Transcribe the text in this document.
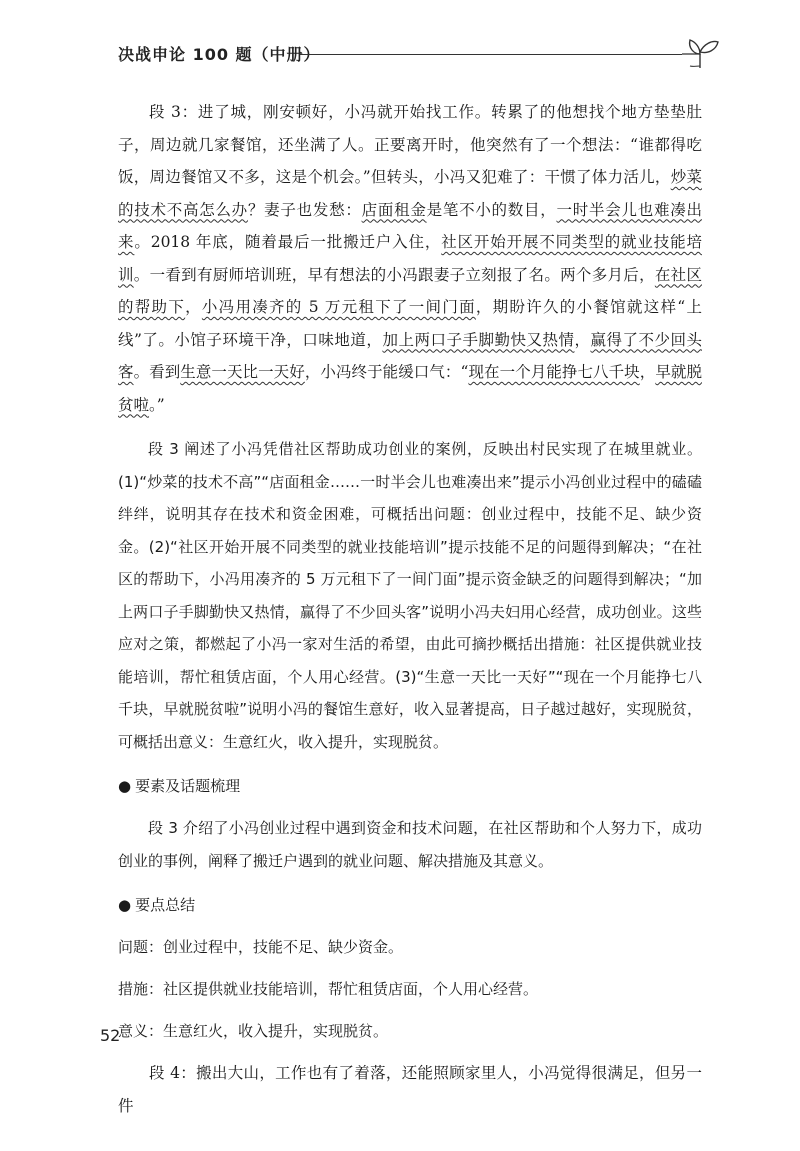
决战申论 100 题（中册）

段 3：进了城，刚安顿好，小冯就开始找工作。转累了的他想找个地方垫垫肚子，周边就几家餐馆，还坐满了人。正要离开时，他突然有了一个想法：“谁都得吃饭，周边餐馆又不多，这是个机会。”但转头，小冯又犯难了：干惯了体力活儿，炒菜的技术不高怎么办？妻子也发愁：店面租金是笔不小的数目，一时半会儿也难凑出来。2018 年底，随着最后一批搬迁户入住，社区开始开展不同类型的就业技能培训。一看到有厨师培训班，早有想法的小冯跟妻子立刻报了名。两个多月后，在社区的帮助下，小冯用凑齐的 5 万元租下了一间门面，期盼许久的小餐馆就这样“上线”了。小馆子环境干净，口味地道，加上两口子手脚勤快又热情，赢得了不少回头客。看到生意一天比一天好，小冯终于能缓口气：“现在一个月能挣七八千块，早就脱贫啦。”

段 3 阐述了小冯凭借社区帮助成功创业的案例，反映出村民实现了在城里就业。(1)“炒菜的技术不高”“店面租金……一时半会儿也难凑出来”提示小冯创业过程中的磕磕绊绊，说明其存在技术和资金困难，可概括出问题：创业过程中，技能不足、缺少资金。(2)“社区开始开展不同类型的就业技能培训”提示技能不足的问题得到解决；“在社区的帮助下，小冯用凑齐的 5 万元租下了一间门面”提示资金缺乏的问题得到解决；“加上两口子手脚勤快又热情，赢得了不少回头客”说明小冯夫妇用心经营，成功创业。这些应对之策，都燃起了小冯一家对生活的希望，由此可摘抄概括出措施：社区提供就业技能培训，帮忙租赁店面，个人用心经营。(3)“生意一天比一天好”“现在一个月能挣七八千块，早就脱贫啦”说明小冯的餐馆生意好，收入显著提高，日子越过越好，实现脱贫，可概括出意义：生意红火，收入提升，实现脱贫。

● 要素及话题梳理

段 3 介绍了小冯创业过程中遇到资金和技术问题，在社区帮助和个人努力下，成功创业的事例，阐释了搬迁户遇到的就业问题、解决措施及其意义。

● 要点总结
问题：创业过程中，技能不足、缺少资金。
措施：社区提供就业技能培训，帮忙租赁店面，个人用心经营。
意义：生意红火，收入提升，实现脱贫。

段 4：搬出大山，工作也有了着落，还能照顾家里人，小冯觉得很满足，但另一件

52
